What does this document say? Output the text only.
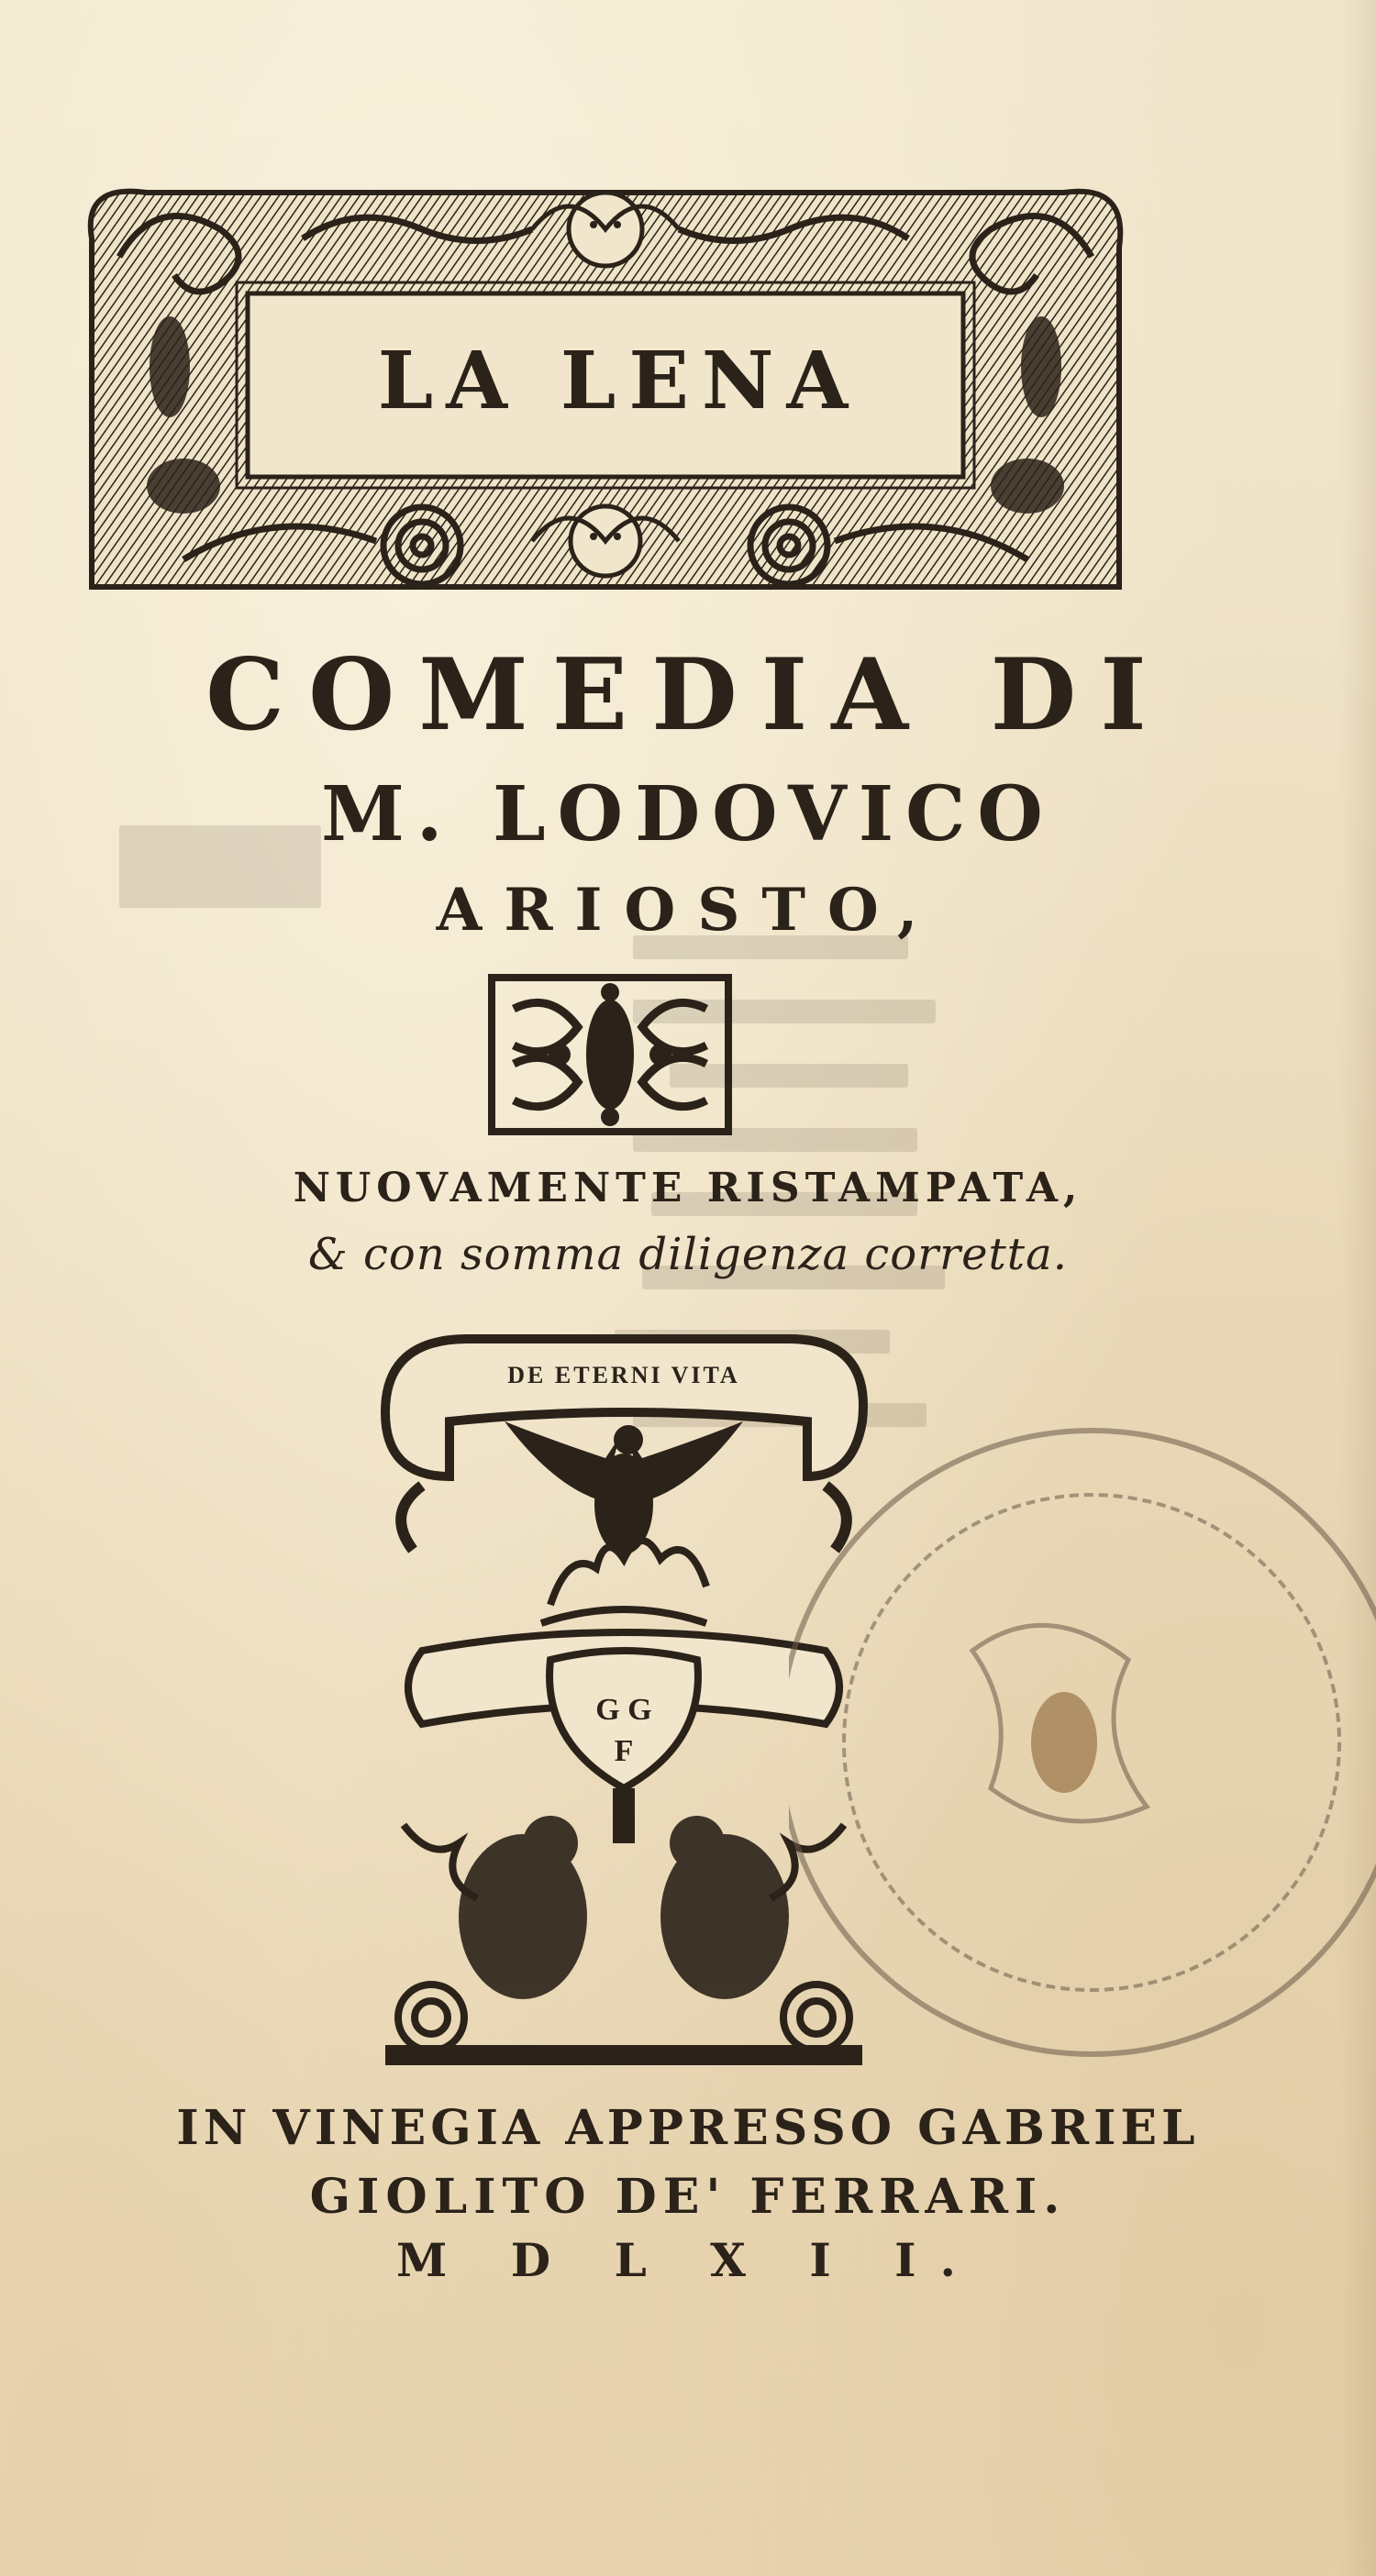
LA LENA
COMEDIA DI
M. LODOVICO
ARIOSTO,
NUOVAMENTE RISTAMPATA,
& con somma diligenza corretta.
DE ETERNI VITA
G G
F
IN VINEGIA APPRESSO GABRIEL
GIOLITO DE' FERRARI.
M D L X I I.
